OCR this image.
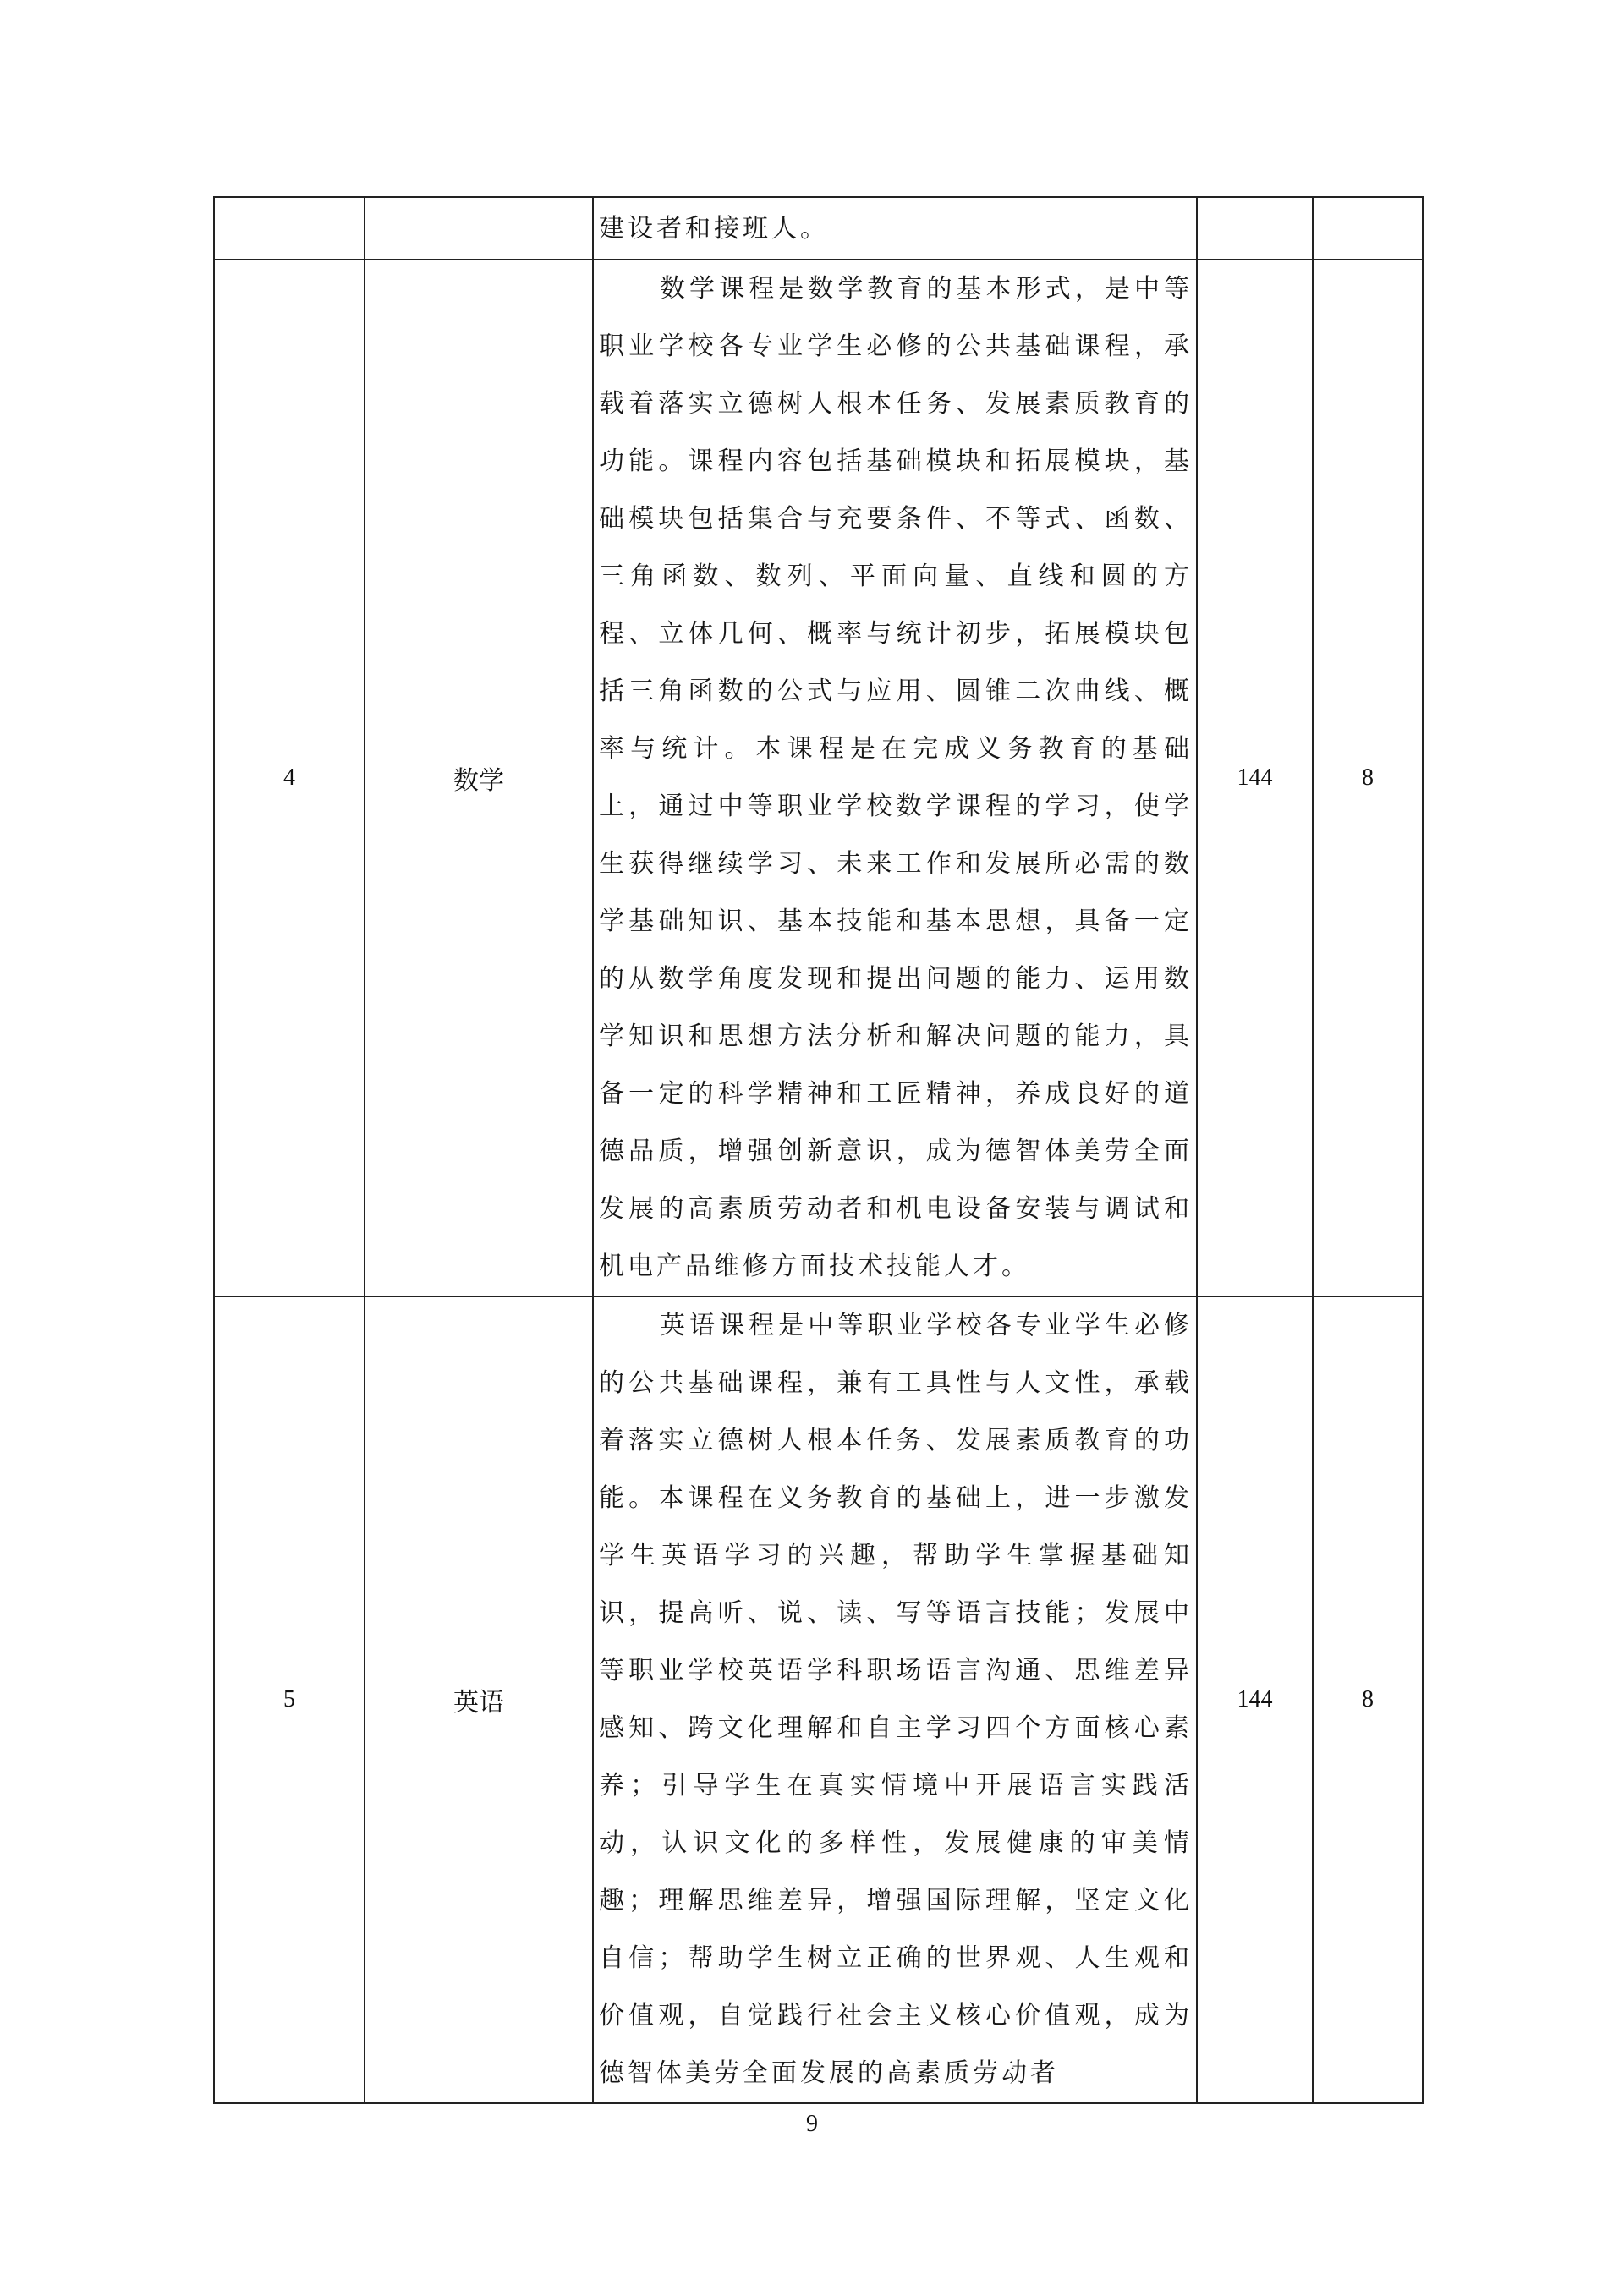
		建设者和接班人。		

4	数学	数学课程是数学教育的基本形式，是中等职业学校各专业学生必修的公共基础课程，承载着落实立德树人根本任务、发展素质教育的功能。课程内容包括基础模块和拓展模块，基础模块包括集合与充要条件、不等式、函数、三角函数、数列、平面向量、直线和圆的方程、立体几何、概率与统计初步，拓展模块包括三角函数的公式与应用、圆锥二次曲线、概率与统计。本课程是在完成义务教育的基础上，通过中等职业学校数学课程的学习，使学生获得继续学习、未来工作和发展所必需的数学基础知识、基本技能和基本思想，具备一定的从数学角度发现和提出问题的能力、运用数学知识和思想方法分析和解决问题的能力，具备一定的科学精神和工匠精神，养成良好的道德品质，增强创新意识，成为德智体美劳全面发展的高素质劳动者和机电设备安装与调试和机电产品维修方面技术技能人才。	144	8
5	英语	英语课程是中等职业学校各专业学生必修的公共基础课程，兼有工具性与人文性，承载着落实立德树人根本任务、发展素质教育的功能。本课程在义务教育的基础上，进一步激发学生英语学习的兴趣，帮助学生掌握基础知识，提高听、说、读、写等语言技能；发展中等职业学校英语学科职场语言沟通、思维差异感知、跨文化理解和自主学习四个方面核心素养；引导学生在真实情境中开展语言实践活动，认识文化的多样性，发展健康的审美情趣；理解思维差异，增强国际理解，坚定文化自信；帮助学生树立正确的世界观、人生观和价值观，自觉践行社会主义核心价值观，成为德智体美劳全面发展的高素质劳动者	144	8
9
